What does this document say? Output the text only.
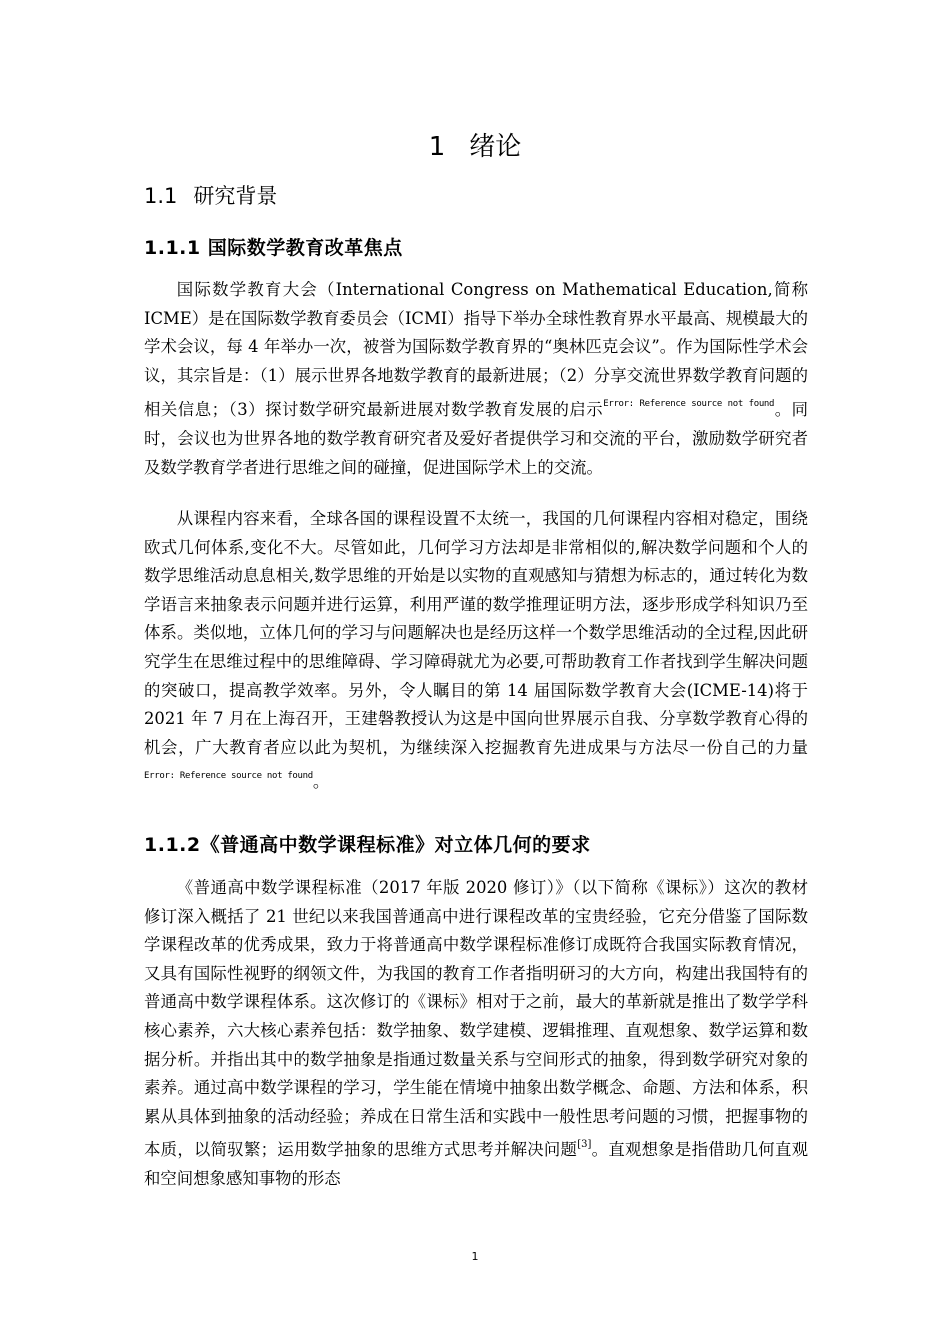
1 绪论
1.1 研究背景
1.1.1 国际数学教育改革焦点

国际数学教育大会（International Congress on Mathematical Education,简称 ICME）是在国际数学教育委员会（ICMI）指导下举办全球性教育界水平最高、规模最大的学术会议，每 4 年举办一次，被誉为国际数学教育界的“奥林匹克会议”。作为国际性学术会议，其宗旨是：（1）展示世界各地数学教育的最新进展；（2）分享交流世界数学教育问题的相关信息；（3）探讨数学研究最新进展对数学教育发展的启示$^{Error: Reference source not found}$。同时，会议也为世界各地的数学教育研究者及爱好者提供学习和交流的平台，激励数学研究者及数学教育学者进行思维之间的碰撞，促进国际学术上的交流。

从课程内容来看，全球各国的课程设置不太统一，我国的几何课程内容相对稳定，围绕欧式几何体系,变化不大。尽管如此，几何学习方法却是非常相似的,解决数学问题和个人的数学思维活动息息相关,数学思维的开始是以实物的直观感知与猜想为标志的，通过转化为数学语言来抽象表示问题并进行运算，利用严谨的数学推理证明方法，逐步形成学科知识乃至体系。类似地，立体几何的学习与问题解决也是经历这样一个数学思维活动的全过程,因此研究学生在思维过程中的思维障碍、学习障碍就尤为必要,可帮助教育工作者找到学生解决问题的突破口，提高教学效率。另外，令人瞩目的第 14 届国际数学教育大会(ICME-14)将于 2021 年 7 月在上海召开，王建磐教授认为这是中国向世界展示自我、分享数学教育心得的机会，广大教育者应以此为契机，为继续深入挖掘教育先进成果与方法尽一份自己的力量$^{Error: Reference source not found}$。

1.1.2《普通高中数学课程标准》对立体几何的要求

《普通高中数学课程标准（2017 年版 2020 修订）》（以下简称《课标》）这次的教材修订深入概括了 21 世纪以来我国普通高中进行课程改革的宝贵经验，它充分借鉴了国际数学课程改革的优秀成果，致力于将普通高中数学课程标准修订成既符合我国实际教育情况，又具有国际性视野的纲领文件，为我国的教育工作者指明研习的大方向，构建出我国特有的普通高中数学课程体系。这次修订的《课标》相对于之前，最大的革新就是推出了数学学科核心素养，六大核心素养包括：数学抽象、数学建模、逻辑推理、直观想象、数学运算和数据分析。并指出其中的数学抽象是指通过数量关系与空间形式的抽象，得到数学研究对象的素养。通过高中数学课程的学习，学生能在情境中抽象出数学概念、命题、方法和体系，积累从具体到抽象的活动经验；养成在日常生活和实践中一般性思考问题的习惯，把握事物的本质，以简驭繁；运用数学抽象的思维方式思考并解决问题[3]。直观想象是指借助几何直观和空间想象感知事物的形态

1
